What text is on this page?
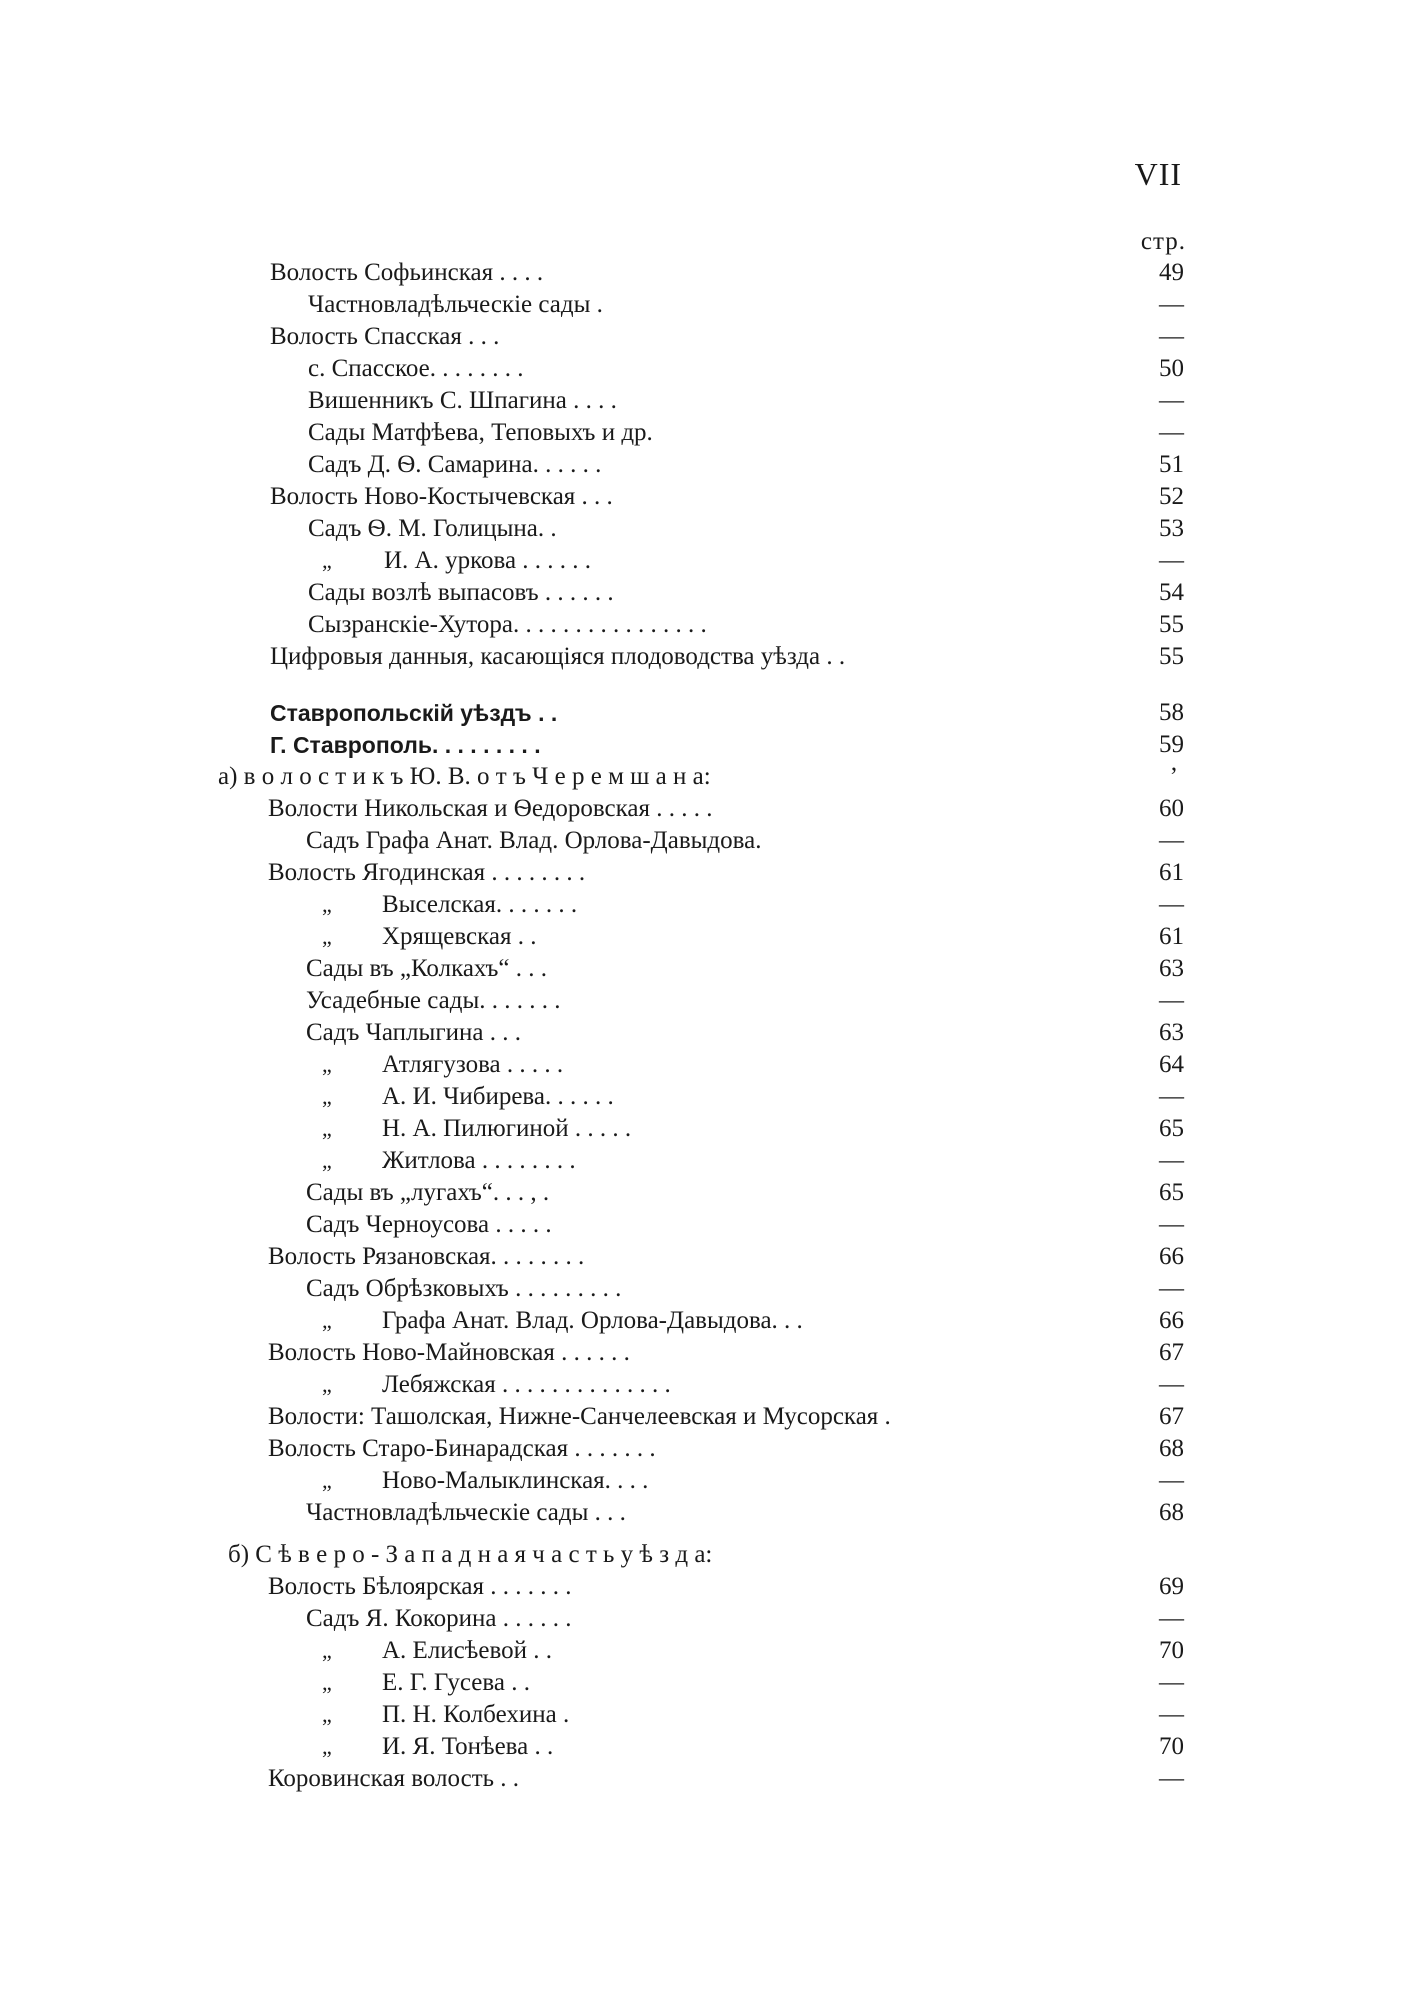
VII
стр.
Волость Софьинская . . . .	49
Частновладѣльческіе сады .	—
Волость Спасская . . .	—
с. Спасское. . . . . . . .	50
Вишенникъ С. Шпагина . . . .	—
Сады Матфѣева, Теповыхъ и др.	—
Садъ Д. Ѳ. Самарина. . . . . .	51
Волость Ново-Костычевская . . .	52
Садъ Ѳ. М. Голицына. .	53
„ И. А. уркова . . . . . .	—
Сады возлѣ выпасовъ . . . . . .	54
Сызранскіе-Хутора. . . . . . . . . . . . . . . .	55
Цифровыя данныя, касающіяся плодоводства уѣзда . .	55
Ставропольскій уѣздъ . .	58
Г. Ставрополь. . . . . . . . .	59
а) в о л о с т и к ъ Ю. В. о т ъ Ч е р е м ш а н а:	’
Волости Никольская и Ѳедоровская . . . . .	60
Садъ Графа Анат. Влад. Орлова-Давыдова.	—
Волость Ягодинская . . . . . . . .	61
„ Выселская. . . . . . .	—
„ Хрящевская . .	61
Сады въ „Колкахъ“ . . .	63
Усадебные сады. . . . . . .	—
Садъ Чаплыгина . . .	63
„ Атлягузова . . . . .	64
„ А. И. Чибирева. . . . . .	—
„ Н. А. Пилюгиной . . . . .	65
„ Житлова . . . . . . . .	—
Сады въ „лугахъ“. . . , .	65
Садъ Черноусова . . . . .	—
Волость Рязановская. . . . . . . .	66
Садъ Обрѣзковыхъ . . . . . . . . .	—
„ Графа Анат. Влад. Орлова-Давыдова. . .	66
Волость Ново-Майновская . . . . . .	67
„ Лебяжская . . . . . . . . . . . . . .	—
Волости: Ташолская, Нижне-Санчелеевская и Мусорская .	67
Волость Старо-Бинарадская . . . . . . .	68
„ Ново-Малыклинская. . . .	—
Частновладѣльческіе сады . . .	68
б) С ѣ в е р о - З а п а д н а я ч а с т ь у ѣ з д а:
Волость Бѣлоярская . . . . . . .	69
Садъ Я. Кокорина . . . . . .	—
„ А. Елисѣевой . .	70
„ Е. Г. Гусева . .	—
„ П. Н. Колбехина .	—
„ И. Я. Тонѣева . .	70
Коровинская волость . .	—
